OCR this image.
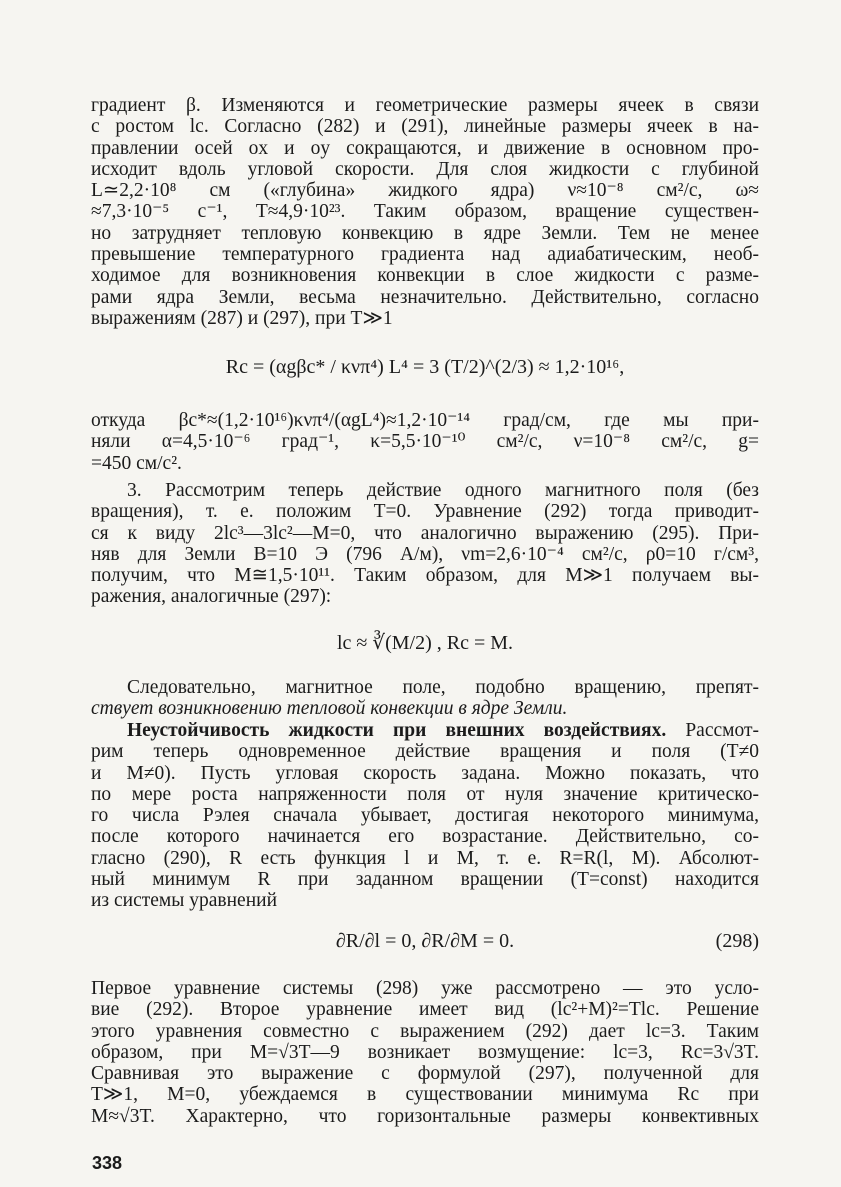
градиент β. Изменяются и геометрические размеры ячеек в связи
с ростом lc. Согласно (282) и (291), линейные размеры ячеек в на-
правлении осей ox и oy сокращаются, и движение в основном про-
исходит вдоль угловой скорости. Для слоя жидкости с глубиной
L≃2,2·10⁸ см («глубина» жидкого ядра) ν≈10⁻⁸ см²/с, ω≈
≈7,3·10⁻⁵ с⁻¹, T≈4,9·10²³. Таким образом, вращение существен-
но затрудняет тепловую конвекцию в ядре Земли. Тем не менее
превышение температурного градиента над адиабатическим, необ-
ходимое для возникновения конвекции в слое жидкости с разме-
рами ядра Земли, весьма незначительно. Действительно, согласно
выражениям (287) и (297), при T≫1
Rc = (αgβc* / κνπ⁴) L⁴ = 3 (T/2)^(2/3) ≈ 1,2·10¹⁶,
откуда βc*≈(1,2·10¹⁶)κνπ⁴/(αgL⁴)≈1,2·10⁻¹⁴ град/см, где мы при-
няли α=4,5·10⁻⁶ град⁻¹, κ=5,5·10⁻¹⁰ см²/с, ν=10⁻⁸ см²/с, g=
=450 см/с².
3. Рассмотрим теперь действие одного магнитного поля (без
вращения), т. е. положим T=0. Уравнение (292) тогда приводит-
ся к виду 2lc³—3lc²—M=0, что аналогично выражению (295). При-
няв для Земли B=10 Э (796 А/м), νm=2,6·10⁻⁴ см²/с, ρ0=10 г/см³,
получим, что M≅1,5·10¹¹. Таким образом, для M≫1 получаем вы-
ражения, аналогичные (297):
lc ≈ ∛(M/2) , Rc = M.
Следовательно, магнитное поле, подобно вращению, препят-
ствует возникновению тепловой конвекции в ядре Земли.
Неустойчивость жидкости при внешних воздействиях. Рассмот-
рим теперь одновременное действие вращения и поля (T≠0
и M≠0). Пусть угловая скорость задана. Можно показать, что
по мере роста напряженности поля от нуля значение критическо-
го числа Рэлея сначала убывает, достигая некоторого минимума,
после которого начинается его возрастание. Действительно, со-
гласно (290), R есть функция l и M, т. е. R=R(l, M). Абсолют-
ный минимум R при заданном вращении (T=const) находится
из системы уравнений
∂R/∂l = 0, ∂R/∂M = 0.	(298)
Первое уравнение системы (298) уже рассмотрено — это усло-
вие (292). Второе уравнение имеет вид (lc²+M)²=Tlc. Решение
этого уравнения совместно с выражением (292) дает lc=3. Таким
образом, при M=√3T—9 возникает возмущение: lc=3, Rc=3√3T.
Сравнивая это выражение с формулой (297), полученной для
T≫1, M=0, убеждаемся в существовании минимума Rc при
M≈√3T. Характерно, что горизонтальные размеры конвективных
338
